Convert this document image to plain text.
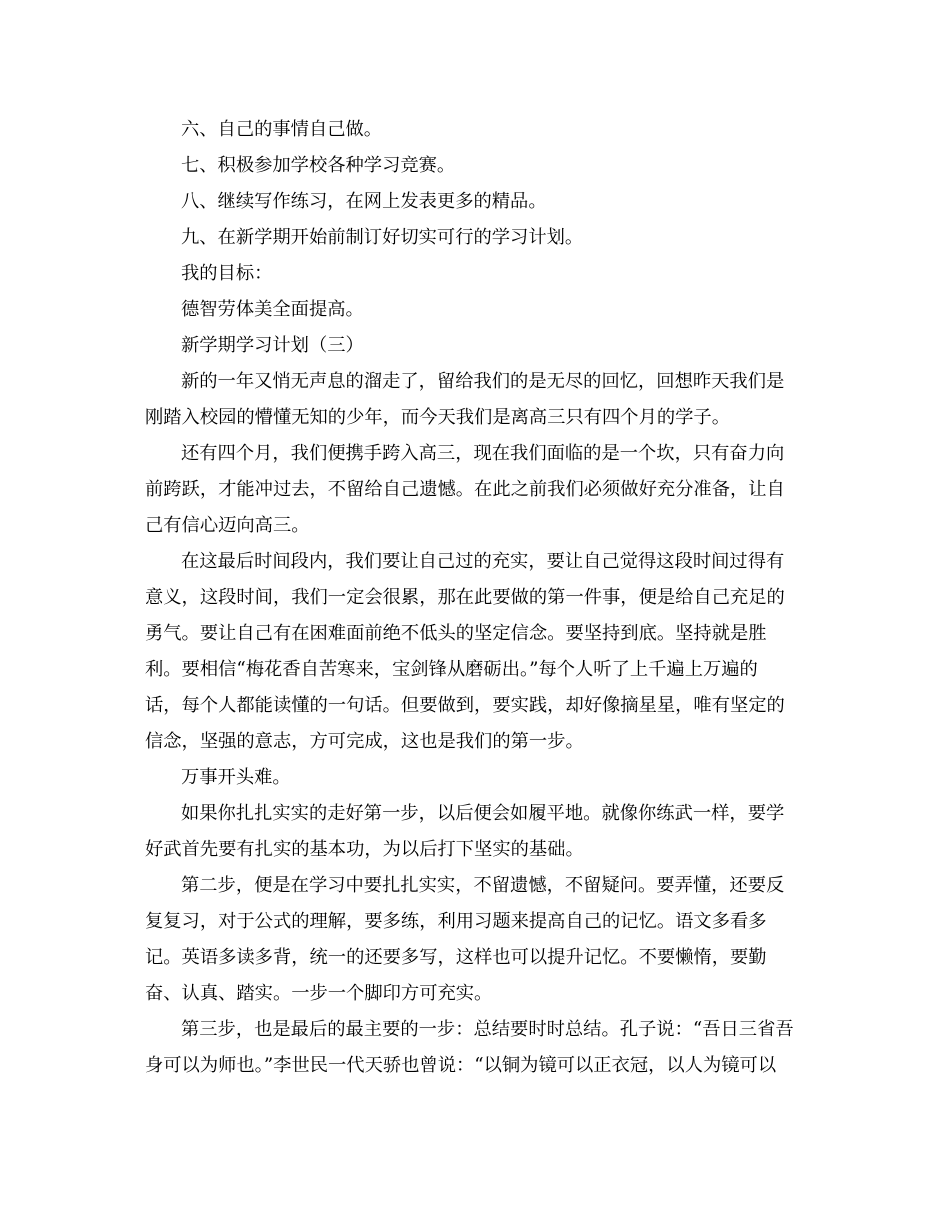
六、自己的事情自己做。
七、积极参加学校各种学习竞赛。
八、继续写作练习，在网上发表更多的精品。
九、在新学期开始前制订好切实可行的学习计划。
我的目标：
德智劳体美全面提高。
新学期学习计划（三）
新的一年又悄无声息的溜走了，留给我们的是无尽的回忆，回想昨天我们是
刚踏入校园的懵懂无知的少年，而今天我们是离高三只有四个月的学子。
还有四个月，我们便携手跨入高三，现在我们面临的是一个坎，只有奋力向
前跨跃，才能冲过去，不留给自己遗憾。在此之前我们必须做好充分准备，让自
己有信心迈向高三。
在这最后时间段内，我们要让自己过的充实，要让自己觉得这段时间过得有
意义，这段时间，我们一定会很累，那在此要做的第一件事，便是给自己充足的
勇气。要让自己有在困难面前绝不低头的坚定信念。要坚持到底。坚持就是胜
利。要相信“梅花香自苦寒来，宝剑锋从磨砺出。”每个人听了上千遍上万遍的
话，每个人都能读懂的一句话。但要做到，要实践，却好像摘星星，唯有坚定的
信念，坚强的意志，方可完成，这也是我们的第一步。
万事开头难。
如果你扎扎实实的走好第一步，以后便会如履平地。就像你练武一样，要学
好武首先要有扎实的基本功，为以后打下坚实的基础。
第二步，便是在学习中要扎扎实实，不留遗憾，不留疑问。要弄懂，还要反
复复习，对于公式的理解，要多练，利用习题来提高自己的记忆。语文多看多
记。英语多读多背，统一的还要多写，这样也可以提升记忆。不要懒惰，要勤
奋、认真、踏实。一步一个脚印方可充实。
第三步，也是最后的最主要的一步：总结要时时总结。孔子说：“吾日三省吾
身可以为师也。”李世民一代天骄也曾说：“以铜为镜可以正衣冠，以人为镜可以
